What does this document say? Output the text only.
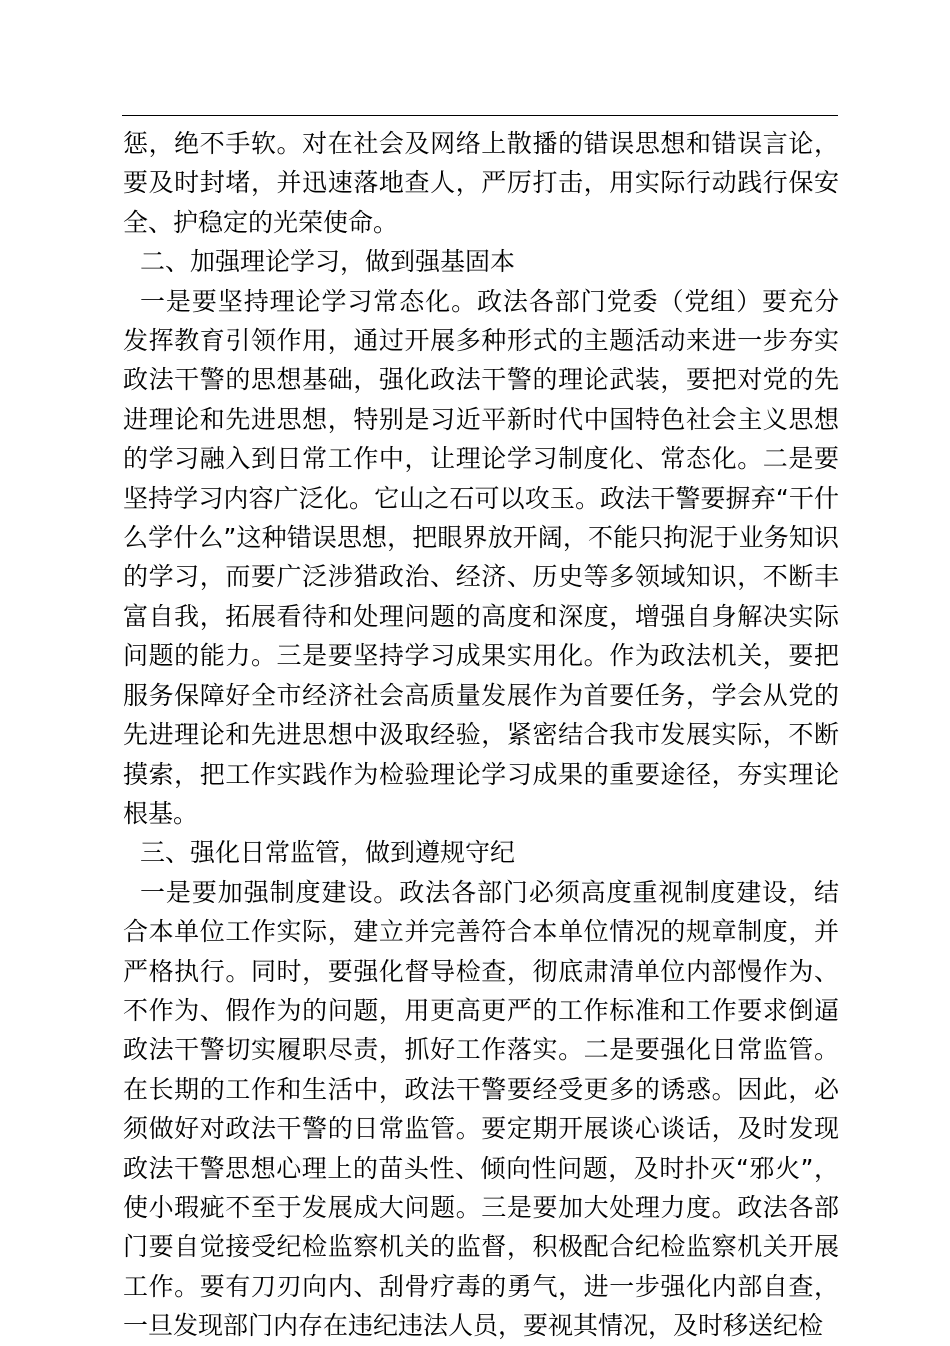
惩，绝不手软。对在社会及网络上散播的错误思想和错误言论，要及时封堵，并迅速落地查人，严厉打击，用实际行动践行保安全、护稳定的光荣使命。

二、加强理论学习，做到强基固本

一是要坚持理论学习常态化。政法各部门党委（党组）要充分发挥教育引领作用，通过开展多种形式的主题活动来进一步夯实政法干警的思想基础，强化政法干警的理论武装，要把对党的先进理论和先进思想，特别是习近平新时代中国特色社会主义思想的学习融入到日常工作中，让理论学习制度化、常态化。二是要坚持学习内容广泛化。它山之石可以攻玉。政法干警要摒弃“干什么学什么”这种错误思想，把眼界放开阔，不能只拘泥于业务知识的学习，而要广泛涉猎政治、经济、历史等多领域知识，不断丰富自我，拓展看待和处理问题的高度和深度，增强自身解决实际问题的能力。三是要坚持学习成果实用化。作为政法机关，要把服务保障好全市经济社会高质量发展作为首要任务，学会从党的先进理论和先进思想中汲取经验，紧密结合我市发展实际，不断摸索，把工作实践作为检验理论学习成果的重要途径，夯实理论根基。

三、强化日常监管，做到遵规守纪

一是要加强制度建设。政法各部门必须高度重视制度建设，结合本单位工作实际，建立并完善符合本单位情况的规章制度，并严格执行。同时，要强化督导检查，彻底肃清单位内部慢作为、不作为、假作为的问题，用更高更严的工作标准和工作要求倒逼政法干警切实履职尽责，抓好工作落实。二是要强化日常监管。在长期的工作和生活中，政法干警要经受更多的诱惑。因此，必须做好对政法干警的日常监管。要定期开展谈心谈话，及时发现政法干警思想心理上的苗头性、倾向性问题，及时扑灭“邪火”，使小瑕疵不至于发展成大问题。三是要加大处理力度。政法各部门要自觉接受纪检监察机关的监督，积极配合纪检监察机关开展工作。要有刀刃向内、刮骨疗毒的勇气，进一步强化内部自查，一旦发现部门内存在违纪违法人员，要视其情况，及时移送纪检
